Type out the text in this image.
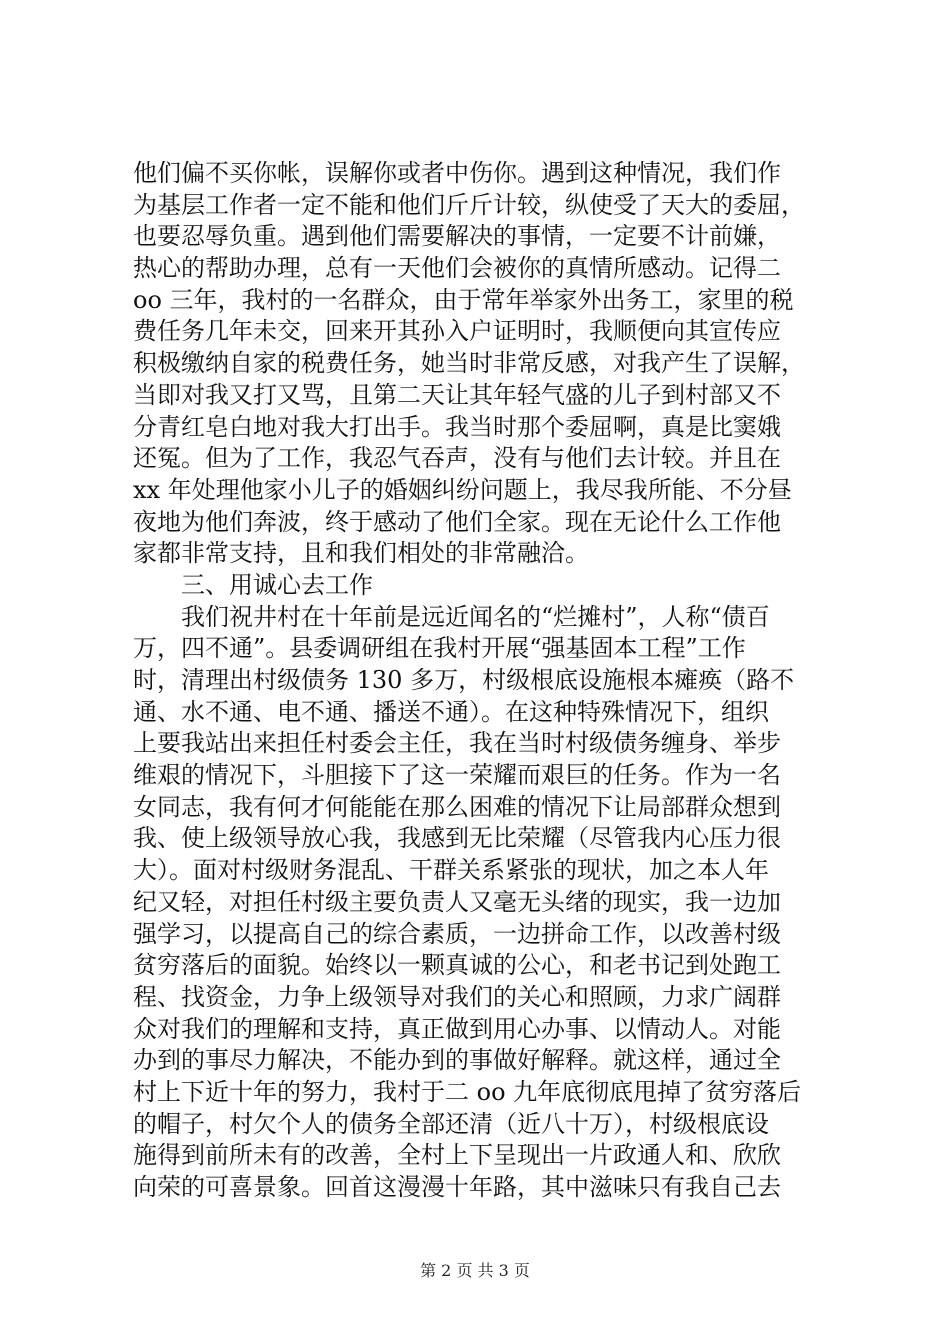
他们偏不买你帐，误解你或者中伤你。遇到这种情况，我们作
为基层工作者一定不能和他们斤斤计较，纵使受了天大的委屈，
也要忍辱负重。遇到他们需要解决的事情，一定要不计前嫌，
热心的帮助办理，总有一天他们会被你的真情所感动。记得二
oo 三年，我村的一名群众，由于常年举家外出务工，家里的税
费任务几年未交，回来开其孙入户证明时，我顺便向其宣传应
积极缴纳自家的税费任务，她当时非常反感，对我产生了误解，
当即对我又打又骂，且第二天让其年轻气盛的儿子到村部又不
分青红皂白地对我大打出手。我当时那个委屈啊，真是比窦娥
还冤。但为了工作，我忍气吞声，没有与他们去计较。并且在
xx 年处理他家小儿子的婚姻纠纷问题上，我尽我所能、不分昼
夜地为他们奔波，终于感动了他们全家。现在无论什么工作他
家都非常支持，且和我们相处的非常融洽。
三、用诚心去工作
我们祝井村在十年前是远近闻名的“烂摊村”，人称“债百
万，四不通”。县委调研组在我村开展“强基固本工程”工作
时，清理出村级债务 130 多万，村级根底设施根本瘫痪（路不
通、水不通、电不通、播送不通）。在这种特殊情况下，组织
上要我站出来担任村委会主任，我在当时村级债务缠身、举步
维艰的情况下，斗胆接下了这一荣耀而艰巨的任务。作为一名
女同志，我有何才何能能在那么困难的情况下让局部群众想到
我、使上级领导放心我，我感到无比荣耀（尽管我内心压力很
大）。面对村级财务混乱、干群关系紧张的现状，加之本人年
纪又轻，对担任村级主要负责人又毫无头绪的现实，我一边加
强学习，以提高自己的综合素质，一边拼命工作，以改善村级
贫穷落后的面貌。始终以一颗真诚的公心，和老书记到处跑工
程、找资金，力争上级领导对我们的关心和照顾，力求广阔群
众对我们的理解和支持，真正做到用心办事、以情动人。对能
办到的事尽力解决，不能办到的事做好解释。就这样，通过全
村上下近十年的努力，我村于二 oo 九年底彻底甩掉了贫穷落后
的帽子，村欠个人的债务全部还清（近八十万），村级根底设
施得到前所未有的改善，全村上下呈现出一片政通人和、欣欣
向荣的可喜景象。回首这漫漫十年路，其中滋味只有我自己去
第 2 页 共 3 页
